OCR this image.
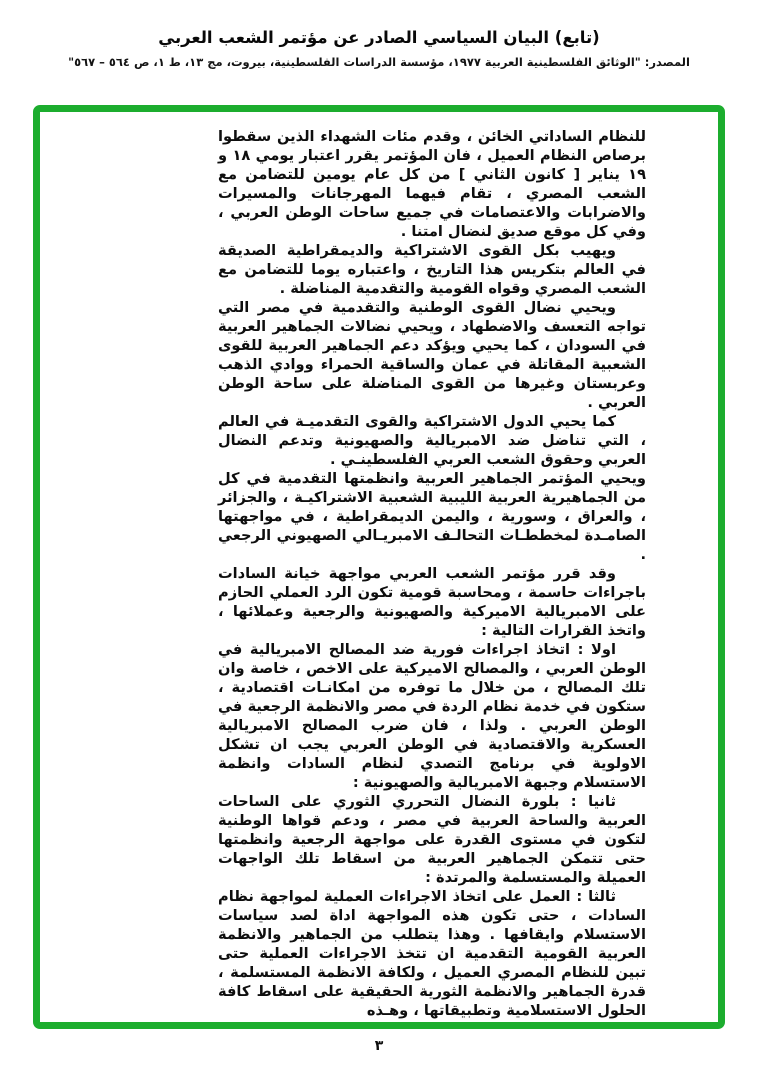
(تابع) البيان السياسي الصادر عن مؤتمر الشعب العربي

المصدر: "الوثائق الفلسطينية العربية ١٩٧٧، مؤسسة الدراسات الفلسطينية، بيروت، مج ١٣، ط ١، ص ٥٦٤ – ٥٦٧"

للنظام الساداتي الخائن ، وقدم مئات الشهداء الذين سقطوا برصاص النظام العميل ، فان المؤتمر يقرر اعتبار يومي ١٨ و ١٩ يناير [ كانون الثاني ] من كل عام يومين للتضامن مع الشعب المصري ، تقام فيهما المهرجانات والمسيرات والاضرابات والاعتصامات في جميع ساحات الوطن العربي ، وفي كل موقع صديق لنضال امتنا .

ويهيب بكل القوى الاشتراكية والديمقراطية الصديقة في العالم بتكريس هذا التاريخ ، واعتباره يوما للتضامن مع الشعب المصري وقواه القومية والتقدمية المناضلة .

ويحيي نضال القوى الوطنية والتقدمية في مصر التي تواجه التعسف والاضطهاد ، ويحيي نضالات الجماهير العربية في السودان ، كما يحيي ويؤكد دعم الجماهير العربية للقوى الشعبية المقاتلة في عمان والساقية الحمراء ووادي الذهب وعربستان وغيرها من القوى المناضلة على ساحة الوطن العربي .

كما يحيي الدول الاشتراكية والقوى التقدميـة في العالم ، التي تناضل ضد الامبريالية والصهيونية وتدعم النضال العربي وحقوق الشعب العربي الفلسطينـي .

ويحيي المؤتمر الجماهير العربية وانظمتها التقدمية في كل من الجماهيرية العربية الليبية الشعبية الاشتراكيـة ، والجزائر ، والعراق ، وسورية ، واليمن الديمقراطية ، في مواجهتها الصامـدة لمخططـات التحالـف الامبريـالي الصهيوني الرجعي .

وقد قرر مؤتمر الشعب العربي مواجهة خيانة السادات باجراءات حاسمة ، ومحاسبة قومية تكون الرد العملي الحازم على الامبريالية الاميركية والصهيونية والرجعية وعملائها ، واتخذ القرارات التالية :

اولا : اتخاذ اجراءات فورية ضد المصالح الامبريالية في الوطن العربي ، والمصالح الاميركية على الاخص ، خاصة وان تلك المصالح ، من خلال ما توفره من امكانـات اقتصادية ، ستكون في خدمة نظام الردة في مصر والانظمة الرجعية في الوطن العربي . ولذا ، فان ضرب المصالح الامبريالية العسكرية والاقتصادية في الوطن العربي يجب ان تشكل الاولوية في برنامج التصدي لنظام السادات وانظمة الاستسلام وجبهة الامبريالية والصهيونية :

ثانيا : بلورة النضال التحرري الثوري على الساحات العربية والساحة العربية في مصر ، ودعم قواها الوطنية لتكون في مستوى القدرة على مواجهة الرجعية وانظمتها حتى تتمكن الجماهير العربية من اسقاط تلك الواجهات العميلة والمستسلمة والمرتدة :

ثالثا : العمل على اتخاذ الاجراءات العملية لمواجهة نظام السادات ، حتى تكون هذه المواجهة اداة لصد سياسات الاستسلام وايقافها . وهذا يتطلب من الجماهير والانظمة العربية القومية التقدمية ان تتخذ الاجراءات العملية حتى تبين للنظام المصري العميل ، ولكافة الانظمة المستسلمة ، قدرة الجماهير والانظمة الثورية الحقيقية على اسقاط كافة الحلول الاستسلامية وتطبيقاتها ، وهـذه

٣
